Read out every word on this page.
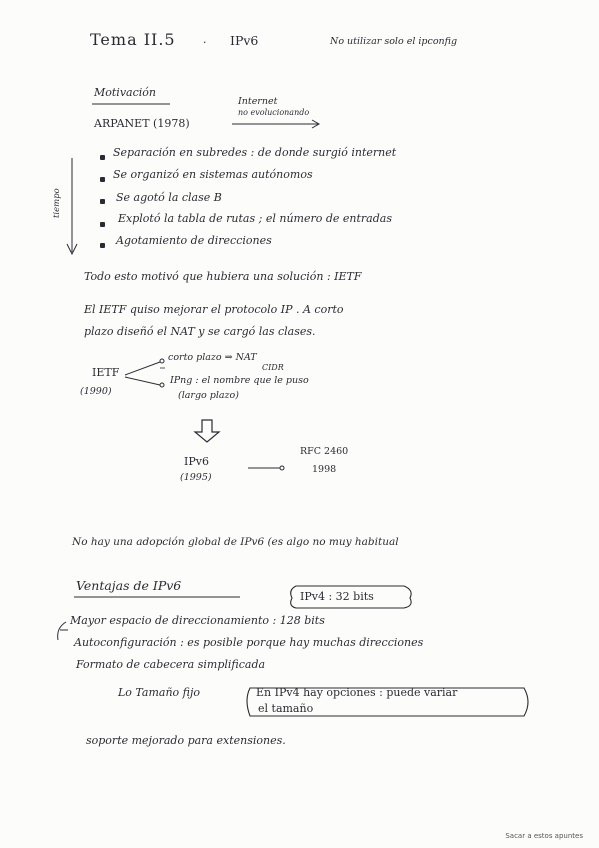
Tema II.5 · IPv6	No utilizar solo el ipconfig
Motivación
Internet
no evolucionando
ARPANET (1978)
tiempo
Separación en subredes : de donde surgió internet
Se organizó en sistemas autónomos
Se agotó la clase B
Explotó la tabla de rutas ; el número de entradas
Agotamiento de direcciones
Todo esto motivó que hubiera una solución : IETF
El IETF quiso mejorar el protocolo IP . A corto
plazo diseñó el NAT y se cargó las clases.
IETF
(1990)
corto plazo ⇒ NAT
CIDR
IPng : el nombre que le puso
(largo plazo)
IPv6
(1995)
RFC 2460
1998
No hay una adopción global de IPv6 (es algo no muy habitual
Ventajas de IPv6
IPv4 : 32 bits
Mayor espacio de direccionamiento : 128 bits
Autoconfiguración : es posible porque hay muchas direcciones
Formato de cabecera simplificada
Lo Tamaño fijo	En IPv4 hay opciones : puede variar
el tamaño
soporte mejorado para extensiones.
Sacar a estos apuntes
